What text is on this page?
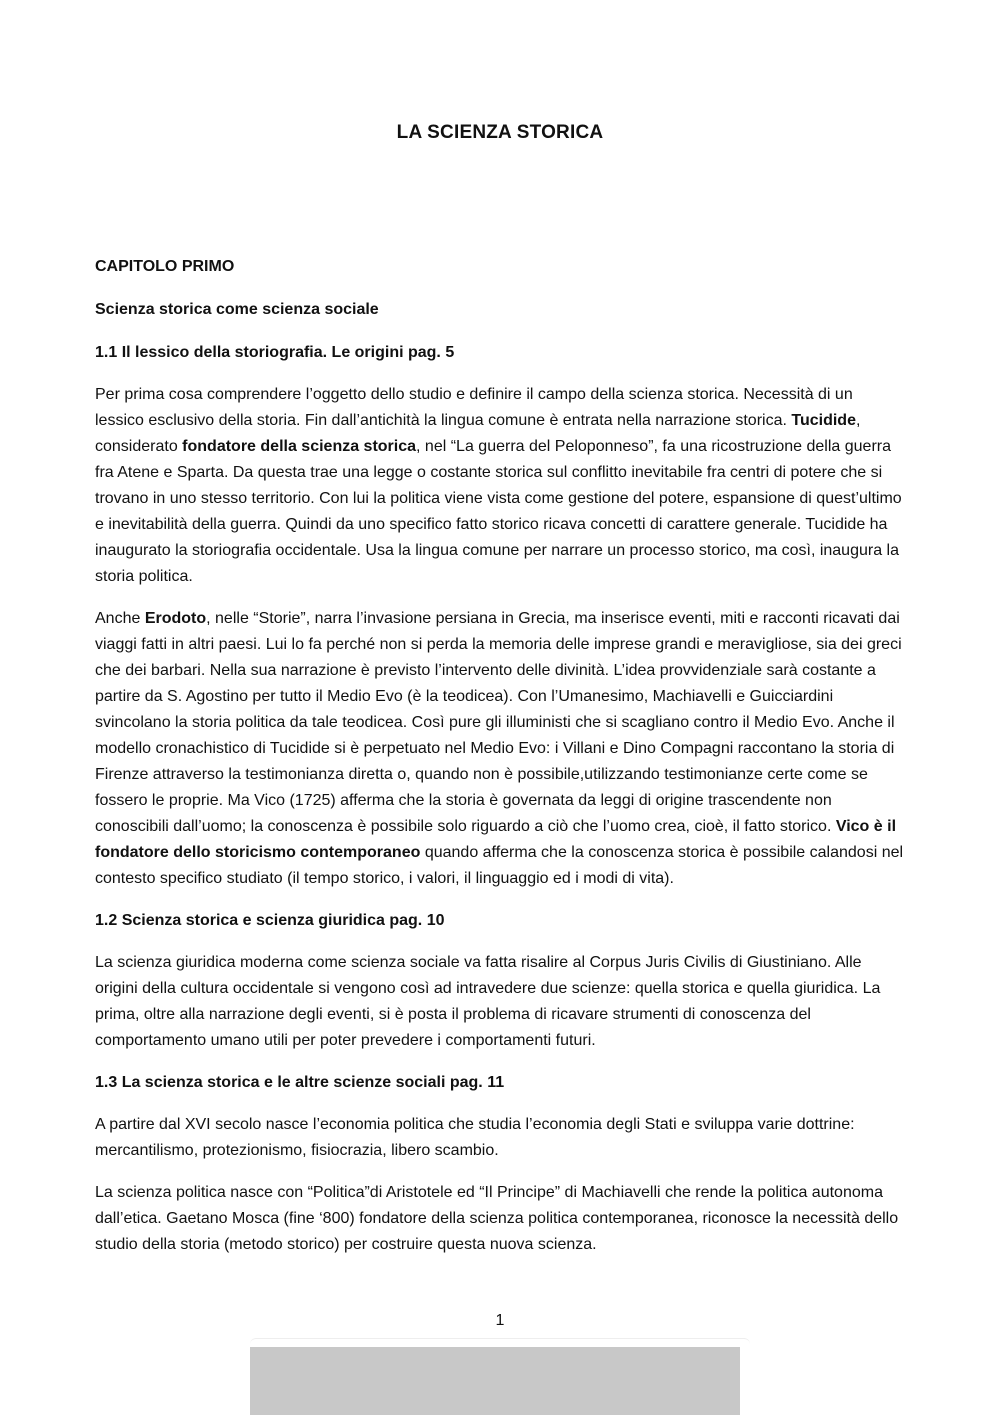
LA SCIENZA STORICA
CAPITOLO PRIMO
Scienza storica come scienza sociale
1.1 Il lessico della storiografia. Le origini pag. 5

Per prima cosa comprendere l’oggetto dello studio e definire il campo della scienza storica. Necessità di un lessico esclusivo della storia. Fin dall’antichità la lingua comune è entrata nella narrazione storica. Tucidide, considerato fondatore della scienza storica, nel “La guerra del Peloponneso”, fa una ricostruzione della guerra fra Atene e Sparta. Da questa trae una legge o costante storica sul conflitto inevitabile fra centri di potere che si trovano in uno stesso territorio. Con lui la politica viene vista come gestione del potere, espansione di quest’ultimo e inevitabilità della guerra. Quindi da uno specifico fatto storico ricava concetti di carattere generale. Tucidide ha inaugurato la storiografia occidentale. Usa la lingua comune per narrare un processo storico, ma così, inaugura la storia politica.

Anche Erodoto, nelle “Storie”, narra l’invasione persiana in Grecia, ma inserisce eventi, miti e racconti ricavati dai viaggi fatti in altri paesi. Lui lo fa perché non si perda la memoria delle imprese grandi e meravigliose, sia dei greci che dei barbari. Nella sua narrazione è previsto l’intervento delle divinità. L’idea provvidenziale sarà costante a partire da S. Agostino per tutto il Medio Evo (è la teodicea). Con l’Umanesimo, Machiavelli e Guicciardini svincolano la storia politica da tale teodicea. Così pure gli illuministi che si scagliano contro il Medio Evo. Anche il modello cronachistico di Tucidide si è perpetuato nel Medio Evo: i Villani e Dino Compagni raccontano la storia di Firenze attraverso la testimonianza diretta o, quando non è possibile,utilizzando testimonianze certe come se fossero le proprie. Ma Vico (1725) afferma che la storia è governata da leggi di origine trascendente non conoscibili dall’uomo; la conoscenza è possibile solo riguardo a ciò che l’uomo crea, cioè, il fatto storico. Vico è il fondatore dello storicismo contemporaneo quando afferma che la conoscenza storica è possibile calandosi nel contesto specifico studiato (il tempo storico, i valori, il linguaggio ed i modi di vita).

1.2 Scienza storica e scienza giuridica pag. 10

La scienza giuridica moderna come scienza sociale va fatta risalire al Corpus Juris Civilis di Giustiniano. Alle origini della cultura occidentale si vengono così ad intravedere due scienze: quella storica e quella giuridica. La prima, oltre alla narrazione degli eventi, si è posta il problema di ricavare strumenti di conoscenza del comportamento umano utili per poter prevedere i comportamenti futuri.

1.3 La scienza storica e le altre scienze sociali pag. 11

A partire dal XVI secolo nasce l’economia politica che studia l’economia degli Stati e sviluppa varie dottrine: mercantilismo, protezionismo, fisiocrazia, libero scambio.

La scienza politica nasce con “Politica”di Aristotele ed “Il Principe” di Machiavelli che rende la politica autonoma dall’etica. Gaetano Mosca (fine ‘800) fondatore della scienza politica contemporanea, riconosce la necessità dello studio della storia (metodo storico) per costruire questa nuova scienza.

1
